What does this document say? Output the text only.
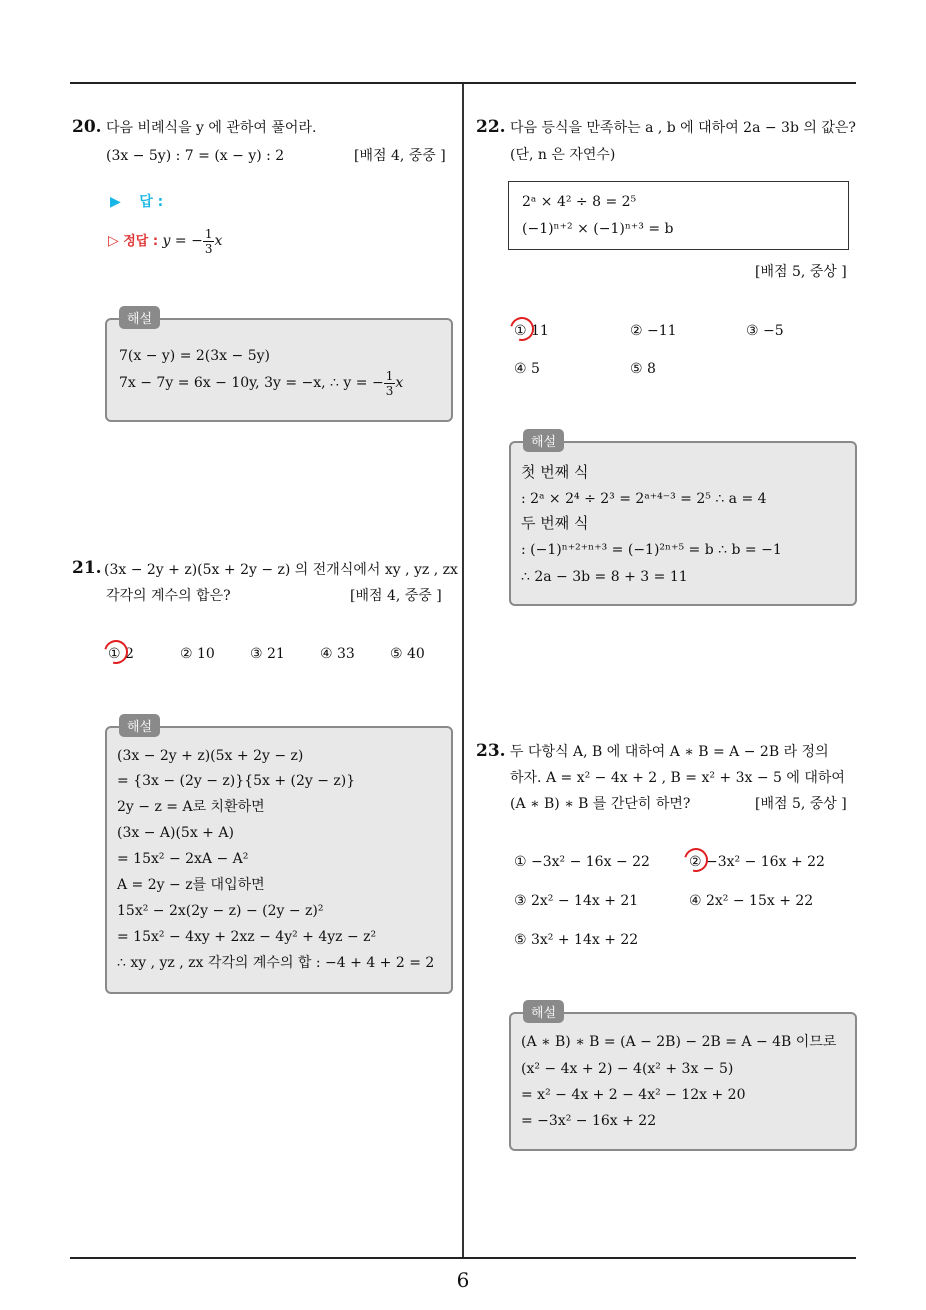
6
20. 다음 비례식을 y 에 관하여 풀어라.
(3x − 5y) : 7 = (x − y) : 2	[배점 4, 중중 ]
▶ 답 :
▷ 정답 : y = − $\frac{1}{3}$ x
해설
7(x − y) = 2(3x − 5y)
7x − 7y = 6x − 10y, 3y = −x, ∴ y = − $\frac{1}{3}$ x
21. (3x − 2y + z)(5x + 2y − z) 의 전개식에서 xy , yz , zx
각각의 계수의 합은?	[배점 4, 중중 ]
① 2	② 10	③ 21	④ 33	⑤ 40
해설
(3x − 2y + z)(5x + 2y − z)
= {3x − (2y − z)}{5x + (2y − z)}
2y − z = A로 치환하면
(3x − A)(5x + A)
= 15x² − 2xA − A²
A = 2y − z를 대입하면
15x² − 2x(2y − z) − (2y − z)²
= 15x² − 4xy + 2xz − 4y² + 4yz − z²
∴ xy , yz , zx 각각의 계수의 합 : −4 + 4 + 2 = 2
22. 다음 등식을 만족하는 a , b 에 대하여 2a − 3b 의 값은?
(단, n 은 자연수)
2ᵃ × 4² ÷ 8 = 2⁵
(−1)ⁿ⁺² × (−1)ⁿ⁺³ = b
[배점 5, 중상 ]
① 11	② −11	③ −5
④ 5	⑤ 8
해설
첫 번째 식
: 2ᵃ × 2⁴ ÷ 2³ = 2ᵃ⁺⁴⁻³ = 2⁵ ∴ a = 4
두 번째 식
: (−1)ⁿ⁺²⁺ⁿ⁺³ = (−1)²ⁿ⁺⁵ = b ∴ b = −1
∴ 2a − 3b = 8 + 3 = 11
23. 두 다항식 A, B 에 대하여 A ∗ B = A − 2B 라 정의
하자. A = x² − 4x + 2 , B = x² + 3x − 5 에 대하여
(A ∗ B) ∗ B 를 간단히 하면?	[배점 5, 중상 ]
① −3x² − 16x − 22	② −3x² − 16x + 22
③ 2x² − 14x + 21	④ 2x² − 15x + 22
⑤ 3x² + 14x + 22
해설
(A ∗ B) ∗ B = (A − 2B) − 2B = A − 4B 이므로
(x² − 4x + 2) − 4(x² + 3x − 5)
= x² − 4x + 2 − 4x² − 12x + 20
= −3x² − 16x + 22
